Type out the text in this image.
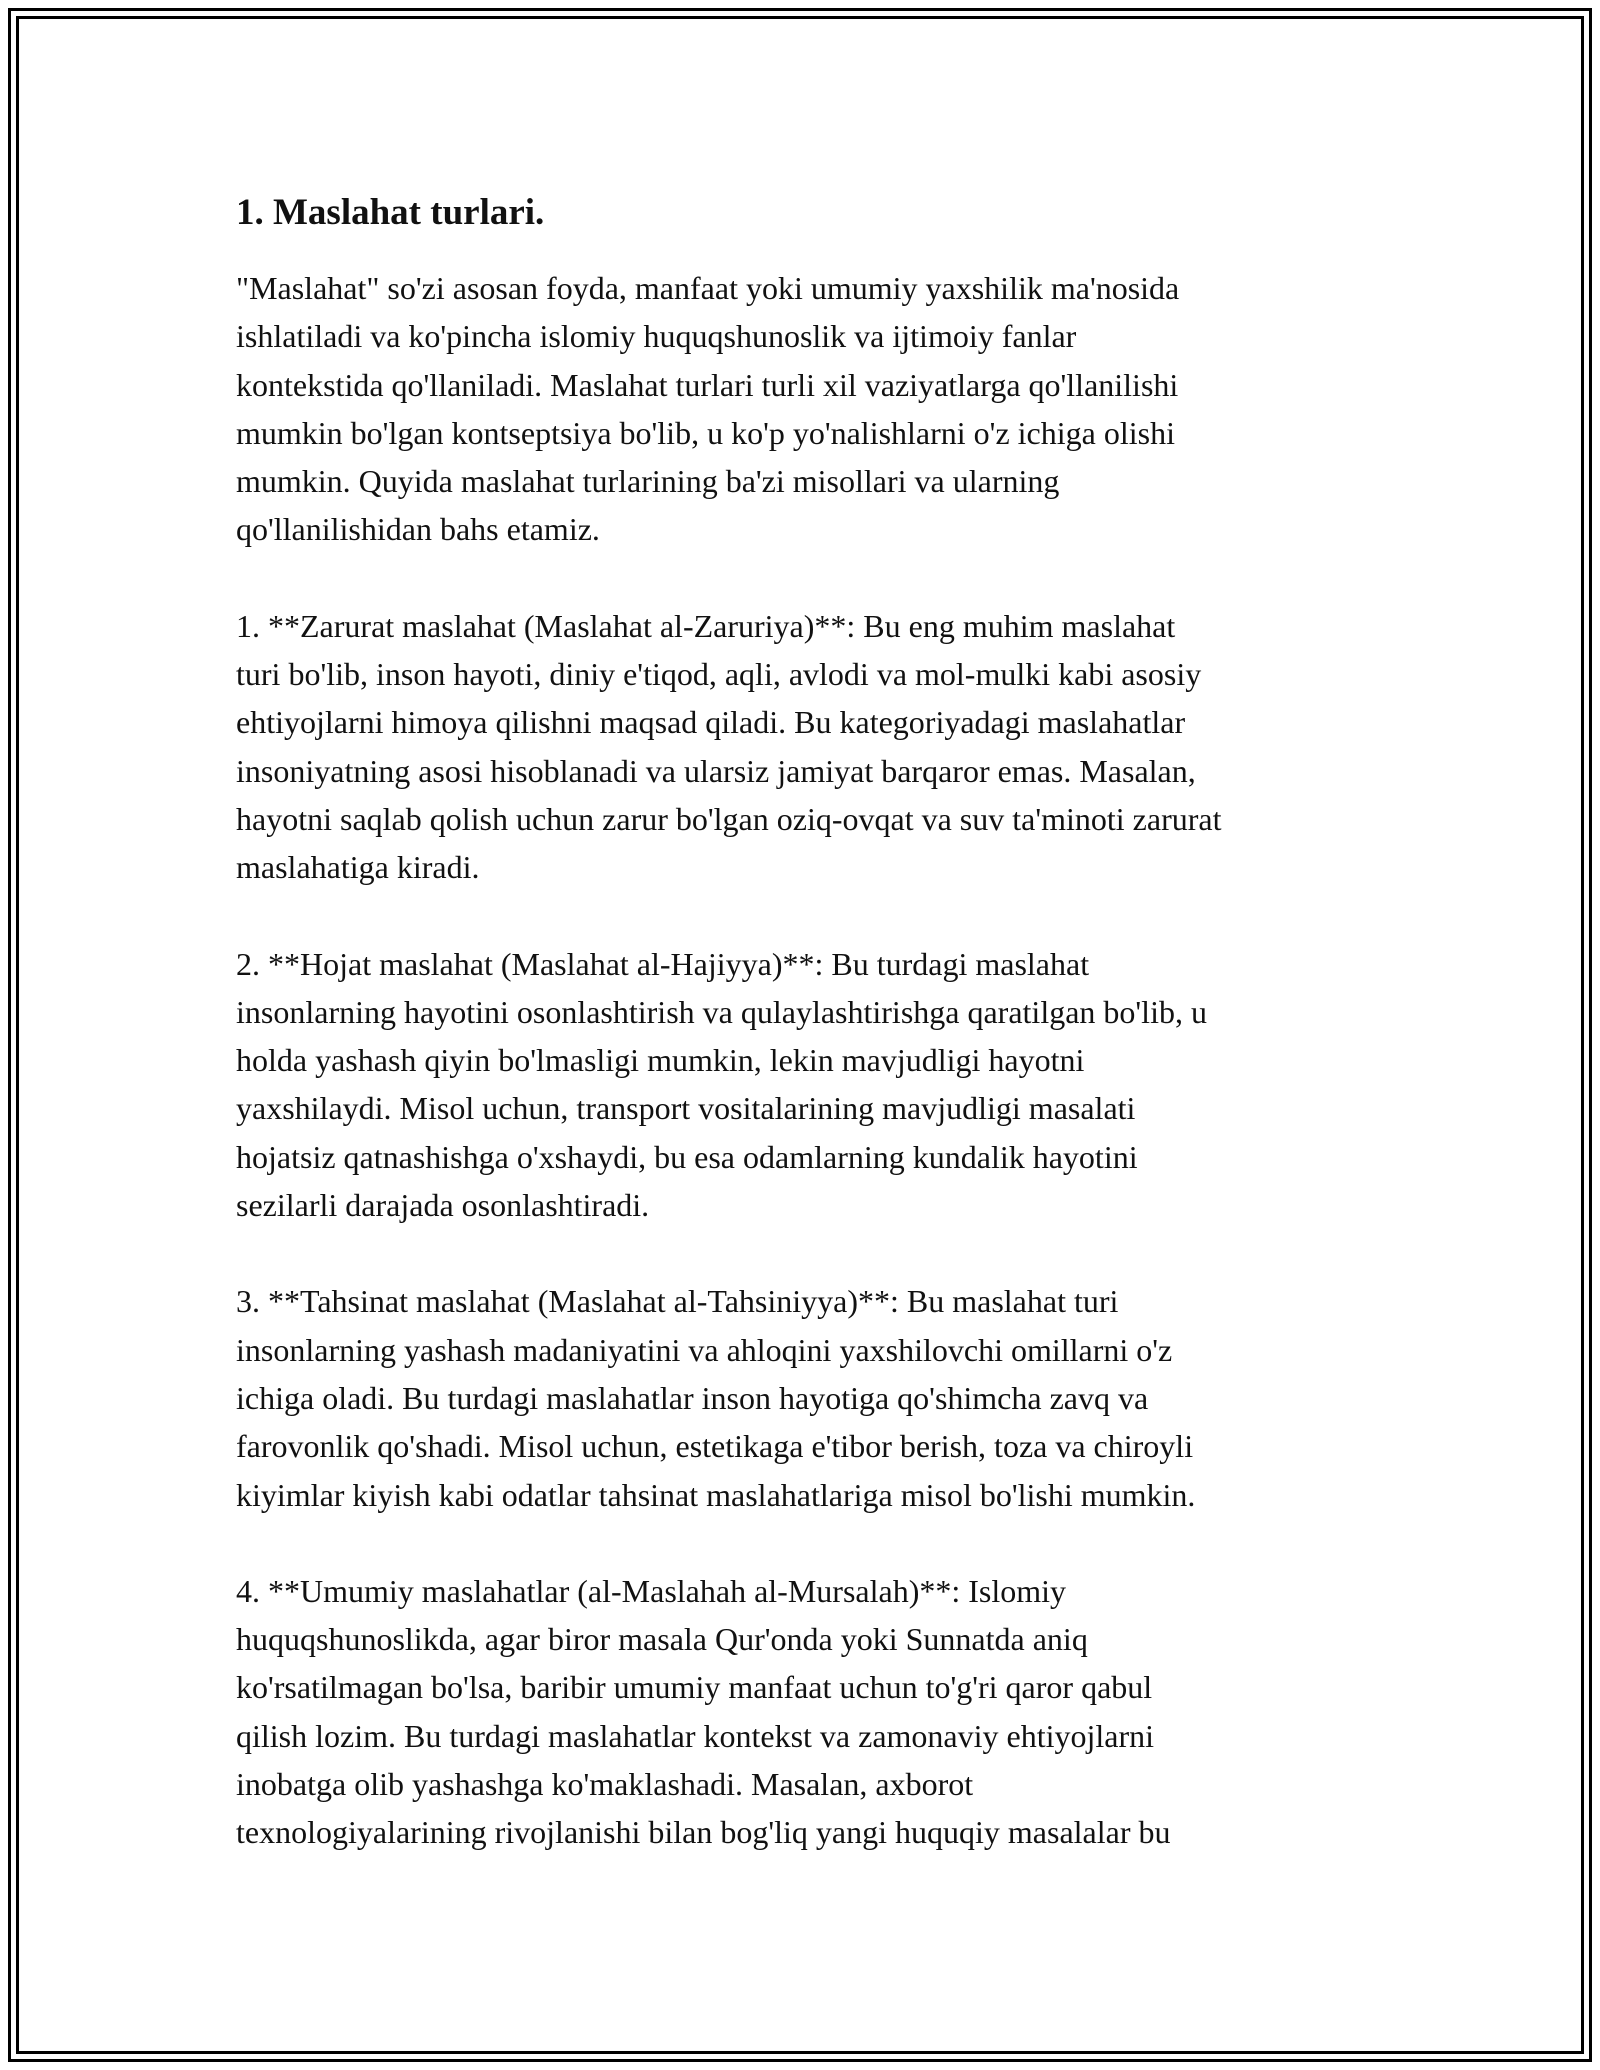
1. Maslahat turlari.

"Maslahat" so'zi asosan foyda, manfaat yoki umumiy yaxshilik ma'nosida
ishlatiladi va ko'pincha islomiy huquqshunoslik va ijtimoiy fanlar
kontekstida qo'llaniladi. Maslahat turlari turli xil vaziyatlarga qo'llanilishi
mumkin bo'lgan kontseptsiya bo'lib, u ko'p yo'nalishlarni o'z ichiga olishi
mumkin. Quyida maslahat turlarining ba'zi misollari va ularning
qo'llanilishidan bahs etamiz.

1. **Zarurat maslahat (Maslahat al-Zaruriya)**: Bu eng muhim maslahat
turi bo'lib, inson hayoti, diniy e'tiqod, aqli, avlodi va mol-mulki kabi asosiy
ehtiyojlarni himoya qilishni maqsad qiladi. Bu kategoriyadagi maslahatlar
insoniyatning asosi hisoblanadi va ularsiz jamiyat barqaror emas. Masalan,
hayotni saqlab qolish uchun zarur bo'lgan oziq-ovqat va suv ta'minoti zarurat
maslahatiga kiradi.

2. **Hojat maslahat (Maslahat al-Hajiyya)**: Bu turdagi maslahat
insonlarning hayotini osonlashtirish va qulaylashtirishga qaratilgan bo'lib, u
holda yashash qiyin bo'lmasligi mumkin, lekin mavjudligi hayotni
yaxshilaydi. Misol uchun, transport vositalarining mavjudligi masalati
hojatsiz qatnashishga o'xshaydi, bu esa odamlarning kundalik hayotini
sezilarli darajada osonlashtiradi.

3. **Tahsinat maslahat (Maslahat al-Tahsiniyya)**: Bu maslahat turi
insonlarning yashash madaniyatini va ahloqini yaxshilovchi omillarni o'z
ichiga oladi. Bu turdagi maslahatlar inson hayotiga qo'shimcha zavq va
farovonlik qo'shadi. Misol uchun, estetikaga e'tibor berish, toza va chiroyli
kiyimlar kiyish kabi odatlar tahsinat maslahatlariga misol bo'lishi mumkin.

4. **Umumiy maslahatlar (al-Maslahah al-Mursalah)**: Islomiy
huquqshunoslikda, agar biror masala Qur'onda yoki Sunnatda aniq
ko'rsatilmagan bo'lsa, baribir umumiy manfaat uchun to'g'ri qaror qabul
qilish lozim. Bu turdagi maslahatlar kontekst va zamonaviy ehtiyojlarni
inobatga olib yashashga ko'maklashadi. Masalan, axborot
texnologiyalarining rivojlanishi bilan bog'liq yangi huquqiy masalalar bu
